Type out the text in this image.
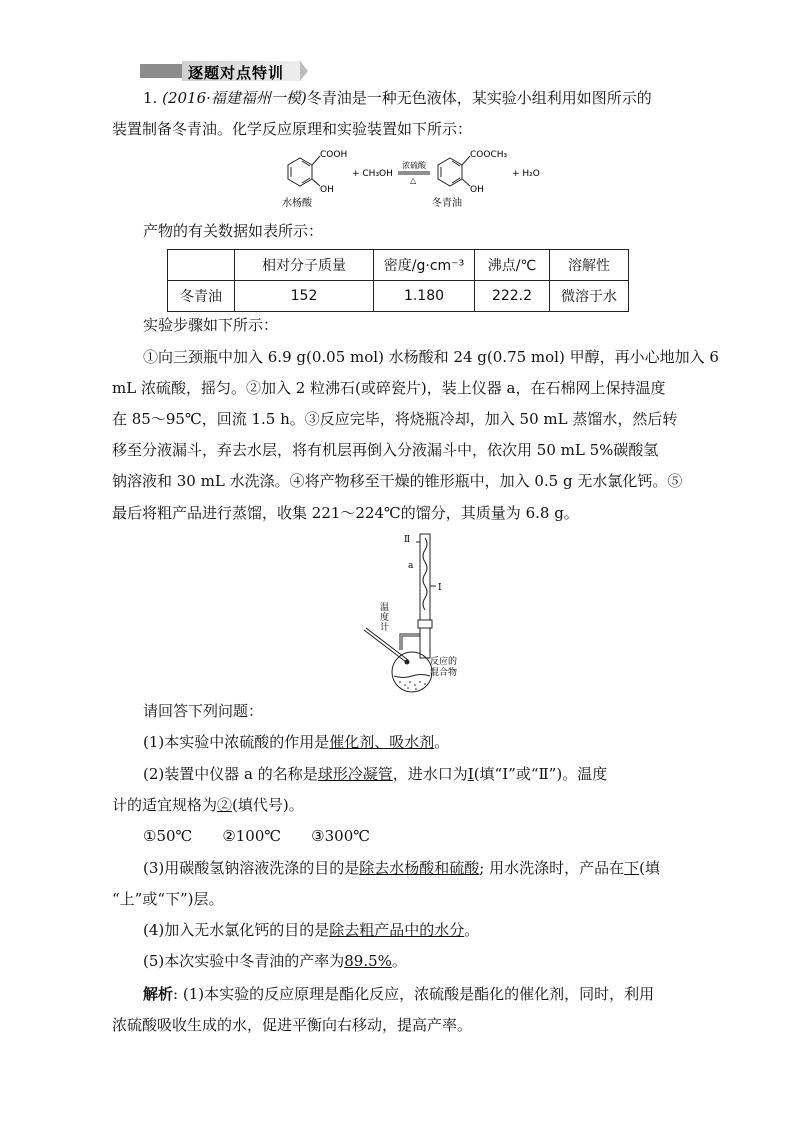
逐题对点特训
1. (2016·福建福州一模)冬青油是一种无色液体，某实验小组利用如图所示的
装置制备冬青油。化学反应原理和实验装置如下所示：
COOH
OH
水杨酸
+ CH₃OH
浓硫酸
△
COOCH₃
OH
冬青油
+ H₂O
产物的有关数据如表所示：
	相对分子质量	密度/g·cm⁻³	沸点/℃	溶解性
冬青油	152	1.180	222.2	微溶于水
实验步骤如下所示：
①向三颈瓶中加入 6.9 g(0.05 mol) 水杨酸和 24 g(0.75 mol) 甲醇，再小心地加入 6
mL 浓硫酸，摇匀。②加入 2 粒沸石(或碎瓷片)，装上仪器 a，在石棉网上保持温度
在 85～95℃，回流 1.5 h。③反应完毕，将烧瓶冷却，加入 50 mL 蒸馏水，然后转
移至分液漏斗，弃去水层，将有机层再倒入分液漏斗中，依次用 50 mL 5%碳酸氢
钠溶液和 30 mL 水洗涤。④将产物移至干燥的锥形瓶中，加入 0.5 g 无水氯化钙。⑤
最后将粗产品进行蒸馏，收集 221～224℃的馏分，其质量为 6.8 g。
Ⅱ
a
Ⅰ
温
度
计
反应的
混合物
请回答下列问题：
(1)本实验中浓硫酸的作用是催化剂、吸水剂。
(2)装置中仪器 a 的名称是球形冷凝管，进水口为Ⅰ(填“Ⅰ”或“Ⅱ”)。温度
计的适宜规格为②(填代号)。
①50℃　　②100℃　　③300℃
(3)用碳酸氢钠溶液洗涤的目的是除去水杨酸和硫酸; 用水洗涤时，产品在下(填
“上”或“下”)层。
(4)加入无水氯化钙的目的是除去粗产品中的水分。
(5)本次实验中冬青油的产率为89.5%。
解析: (1)本实验的反应原理是酯化反应，浓硫酸是酯化的催化剂，同时，利用
浓硫酸吸收生成的水，促进平衡向右移动，提高产率。
